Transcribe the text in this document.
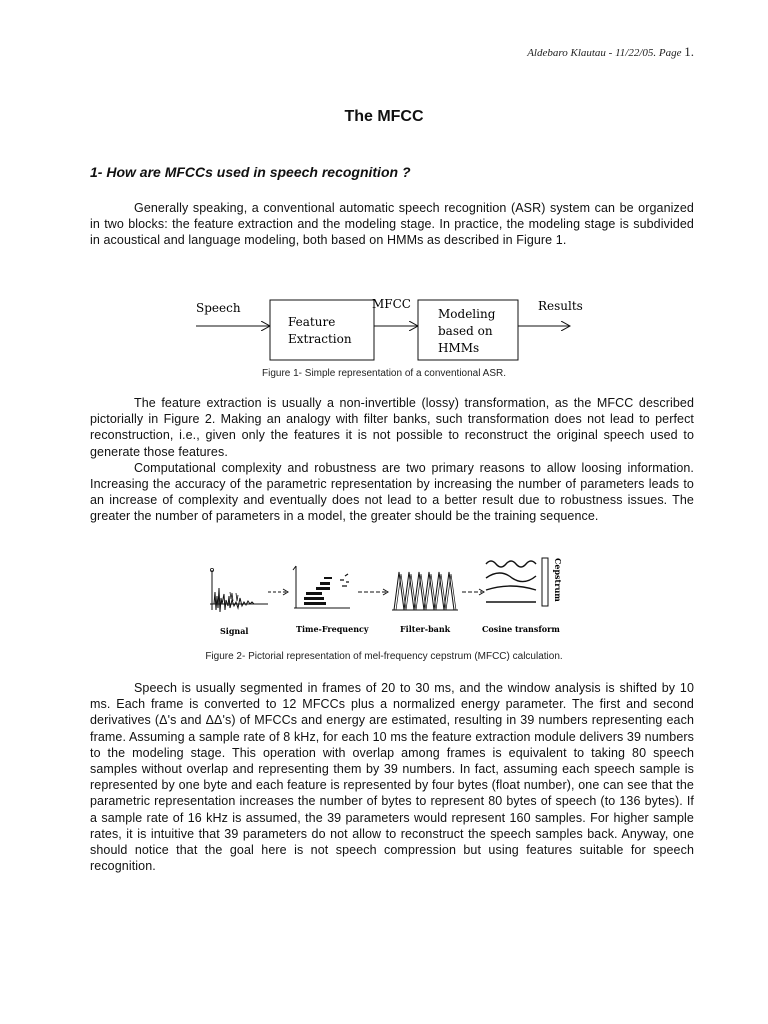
Aldebaro Klautau - 11/22/05. Page 1.
The MFCC
1- How are MFCCs used in speech recognition ?

Generally speaking, a conventional automatic speech recognition (ASR) system can be organized in two blocks: the feature extraction and the modeling stage. In practice, the modeling stage is subdivided in acoustical and language modeling, both based on HMMs as described in Figure 1.

Speech
Feature
Extraction
MFCC
Modeling
based on
HMMs
Results
Figure 1- Simple representation of a conventional ASR.

The feature extraction is usually a non-invertible (lossy) transformation, as the MFCC described pictorially in Figure 2. Making an analogy with filter banks, such transformation does not lead to perfect reconstruction, i.e., given only the features it is not possible to reconstruct the original speech used to generate those features.

Computational complexity and robustness are two primary reasons to allow loosing information. Increasing the accuracy of the parametric representation by increasing the number of parameters leads to an increase of complexity and eventually does not lead to a better result due to robustness issues. The greater the number of parameters in a model, the greater should be the training sequence.

Signal	Time-Frequency	Filter-bank	Cosine transform
Cepstrum
Figure 2- Pictorial representation of mel-frequency cepstrum (MFCC) calculation.

Speech is usually segmented in frames of 20 to 30 ms, and the window analysis is shifted by 10 ms. Each frame is converted to 12 MFCCs plus a normalized energy parameter. The first and second derivatives (Δ's and ΔΔ's) of MFCCs and energy are estimated, resulting in 39 numbers representing each frame. Assuming a sample rate of 8 kHz, for each 10 ms the feature extraction module delivers 39 numbers to the modeling stage. This operation with overlap among frames is equivalent to taking 80 speech samples without overlap and representing them by 39 numbers. In fact, assuming each speech sample is represented by one byte and each feature is represented by four bytes (float number), one can see that the parametric representation increases the number of bytes to represent 80 bytes of speech (to 136 bytes). If a sample rate of 16 kHz is assumed, the 39 parameters would represent 160 samples. For higher sample rates, it is intuitive that 39 parameters do not allow to reconstruct the speech samples back. Anyway, one should notice that the goal here is not speech compression but using features suitable for speech recognition.
